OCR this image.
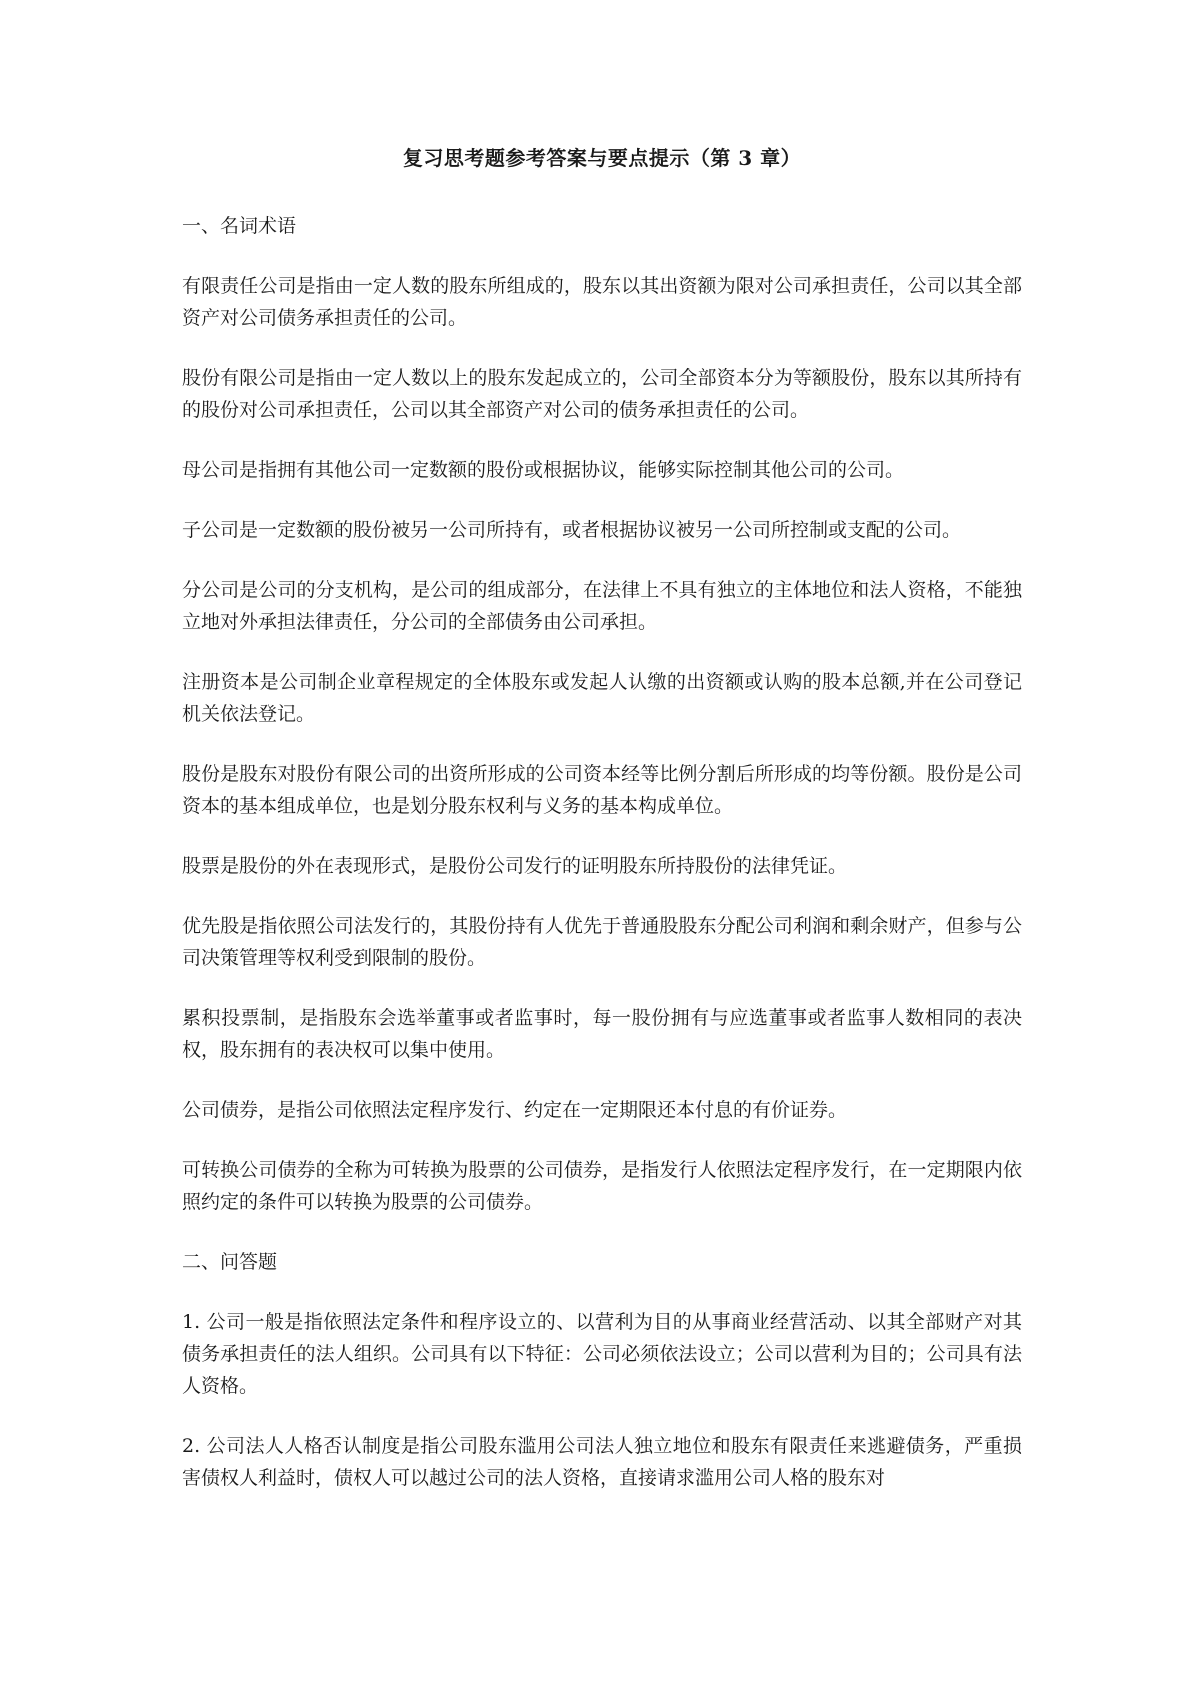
复习思考题参考答案与要点提示（第 3 章）
一、名词术语
有限责任公司是指由一定人数的股东所组成的，股东以其出资额为限对公司承担责任，公司以其全部资产对公司债务承担责任的公司。
股份有限公司是指由一定人数以上的股东发起成立的，公司全部资本分为等额股份，股东以其所持有的股份对公司承担责任，公司以其全部资产对公司的债务承担责任的公司。
母公司是指拥有其他公司一定数额的股份或根据协议，能够实际控制其他公司的公司。
子公司是一定数额的股份被另一公司所持有，或者根据协议被另一公司所控制或支配的公司。
分公司是公司的分支机构，是公司的组成部分，在法律上不具有独立的主体地位和法人资格，不能独立地对外承担法律责任，分公司的全部债务由公司承担。
注册资本是公司制企业章程规定的全体股东或发起人认缴的出资额或认购的股本总额,并在公司登记机关依法登记。
股份是股东对股份有限公司的出资所形成的公司资本经等比例分割后所形成的均等份额。股份是公司资本的基本组成单位，也是划分股东权利与义务的基本构成单位。
股票是股份的外在表现形式，是股份公司发行的证明股东所持股份的法律凭证。
优先股是指依照公司法发行的，其股份持有人优先于普通股股东分配公司利润和剩余财产，但参与公司决策管理等权利受到限制的股份。
累积投票制，是指股东会选举董事或者监事时，每一股份拥有与应选董事或者监事人数相同的表决权，股东拥有的表决权可以集中使用。
公司债券，是指公司依照法定程序发行、约定在一定期限还本付息的有价证券。
可转换公司债券的全称为可转换为股票的公司债券，是指发行人依照法定程序发行，在一定期限内依照约定的条件可以转换为股票的公司债券。
二、问答题
1. 公司一般是指依照法定条件和程序设立的、以营利为目的从事商业经营活动、以其全部财产对其债务承担责任的法人组织。公司具有以下特征：公司必须依法设立；公司以营利为目的；公司具有法人资格。
2. 公司法人人格否认制度是指公司股东滥用公司法人独立地位和股东有限责任来逃避债务，严重损害债权人利益时，债权人可以越过公司的法人资格，直接请求滥用公司人格的股东对
